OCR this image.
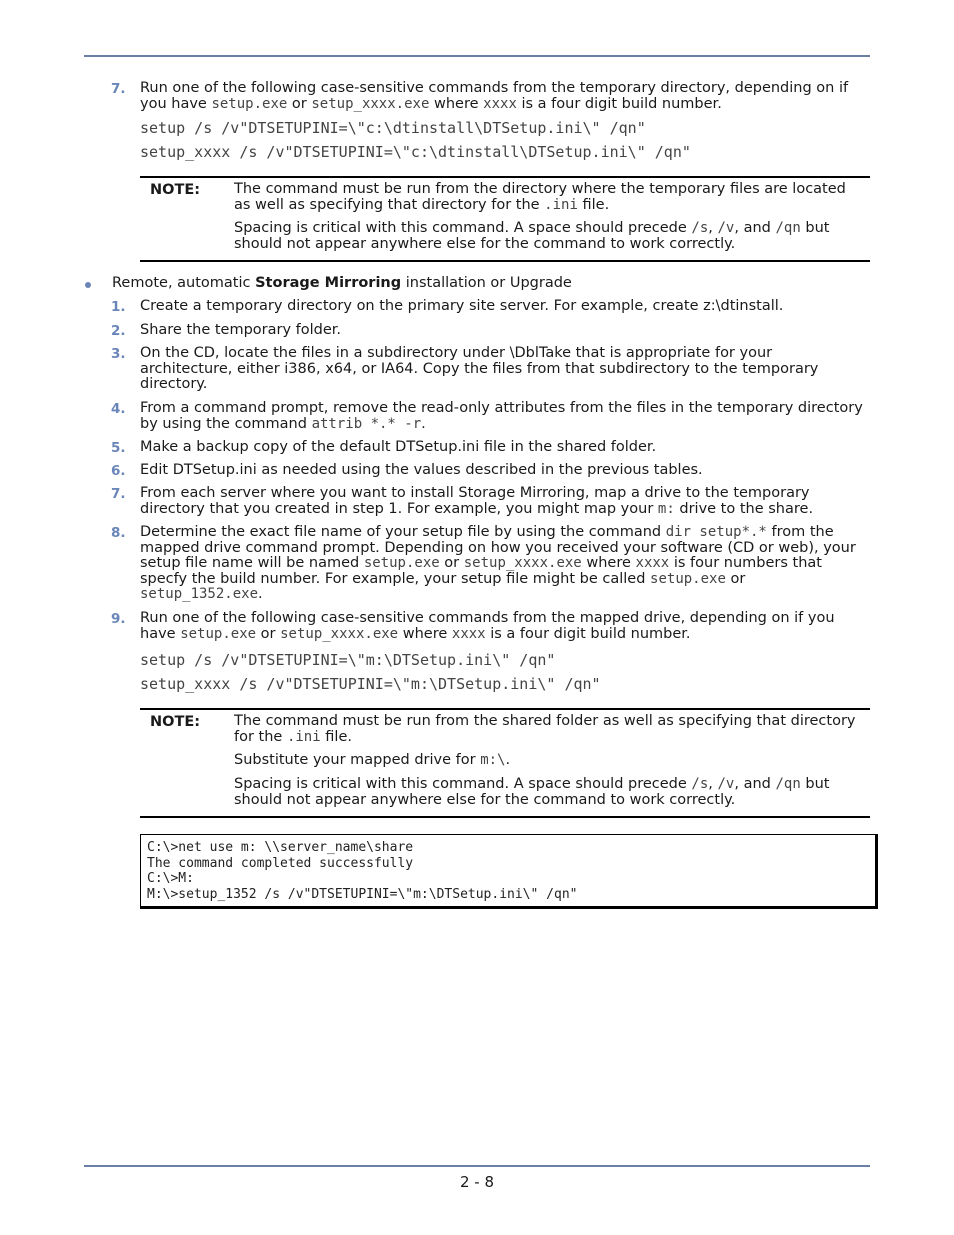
7. Run one of the following case-sensitive commands from the temporary directory, depending on if you have setup.exe or setup_xxxx.exe where xxxx is a four digit build number.

setup /s /v"DTSETUPINI=\"c:\dtinstall\DTSetup.ini\" /qn"
setup_xxxx /s /v"DTSETUPINI=\"c:\dtinstall\DTSetup.ini\" /qn"
NOTE: The command must be run from the directory where the temporary files are located as well as specifying that directory for the .ini file.
Spacing is critical with this command. A space should precede /s, /v, and /qn but should not appear anywhere else for the command to work correctly.

Remote, automatic Storage Mirroring installation or Upgrade

1. Create a temporary directory on the primary site server. For example, create z:\dtinstall.

2. Share the temporary folder.

3. On the CD, locate the files in a subdirectory under \DblTake that is appropriate for your architecture, either i386, x64, or IA64. Copy the files from that subdirectory to the temporary directory.

4. From a command prompt, remove the read-only attributes from the files in the temporary directory by using the command attrib *.* -r.

5. Make a backup copy of the default DTSetup.ini file in the shared folder.

6. Edit DTSetup.ini as needed using the values described in the previous tables.

7. From each server where you want to install Storage Mirroring, map a drive to the temporary directory that you created in step 1. For example, you might map your m: drive to the share.

8. Determine the exact file name of your setup file by using the command dir setup*.* from the mapped drive command prompt. Depending on how you received your software (CD or web), your setup file name will be named setup.exe or setup_xxxx.exe where xxxx is four numbers that specfy the build number. For example, your setup file might be called setup.exe or setup_1352.exe.

9. Run one of the following case-sensitive commands from the mapped drive, depending on if you have setup.exe or setup_xxxx.exe where xxxx is a four digit build number.

setup /s /v"DTSETUPINI=\"m:\DTSetup.ini\" /qn"
setup_xxxx /s /v"DTSETUPINI=\"m:\DTSetup.ini\" /qn"
NOTE: The command must be run from the shared folder as well as specifying that directory for the .ini file.
Substitute your mapped drive for m:\.
Spacing is critical with this command. A space should precede /s, /v, and /qn but should not appear anywhere else for the command to work correctly.
C:\>net use m: \\server_name\share
The command completed successfully
C:\>M:
M:\>setup_1352 /s /v"DTSETUPINI=\"m:\DTSetup.ini\" /qn"
2 - 8
